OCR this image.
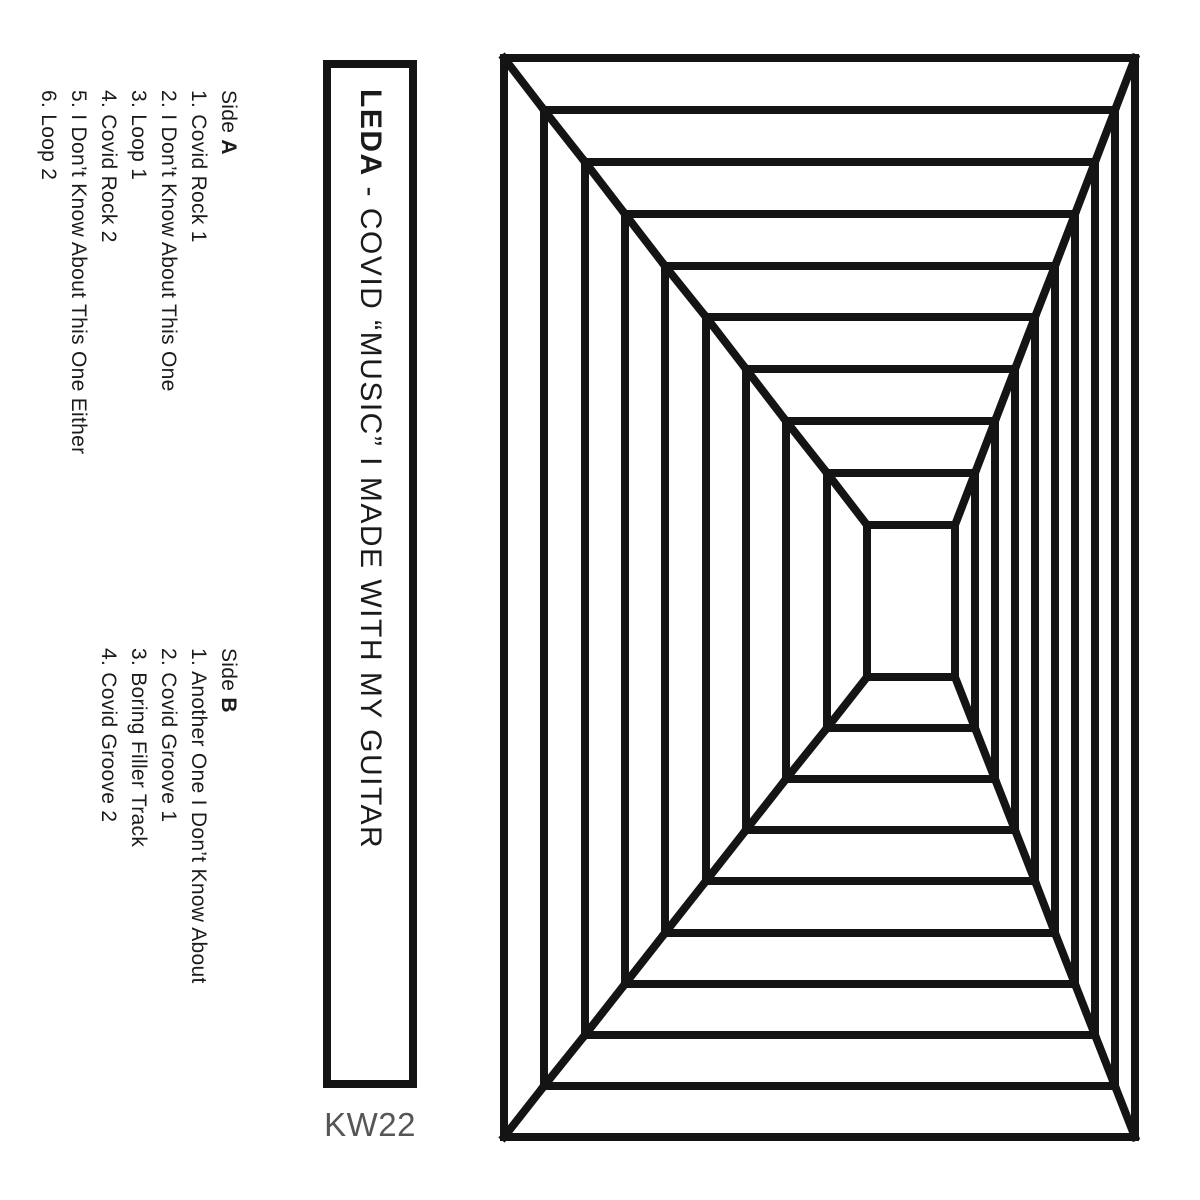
Side A
1. Covid Rock 1
2. I Don’t Know About This One
3. Loop 1
4. Covid Rock 2
5. I Don’t Know About This One Either
6. Loop 2
Side B
1. Another One I Don’t Know About
2. Covid Groove 1
3. Boring Filler Track
4. Covid Groove 2
LEDA - COVID “MUSIC” I MADE WITH MY GUITAR
KW22
